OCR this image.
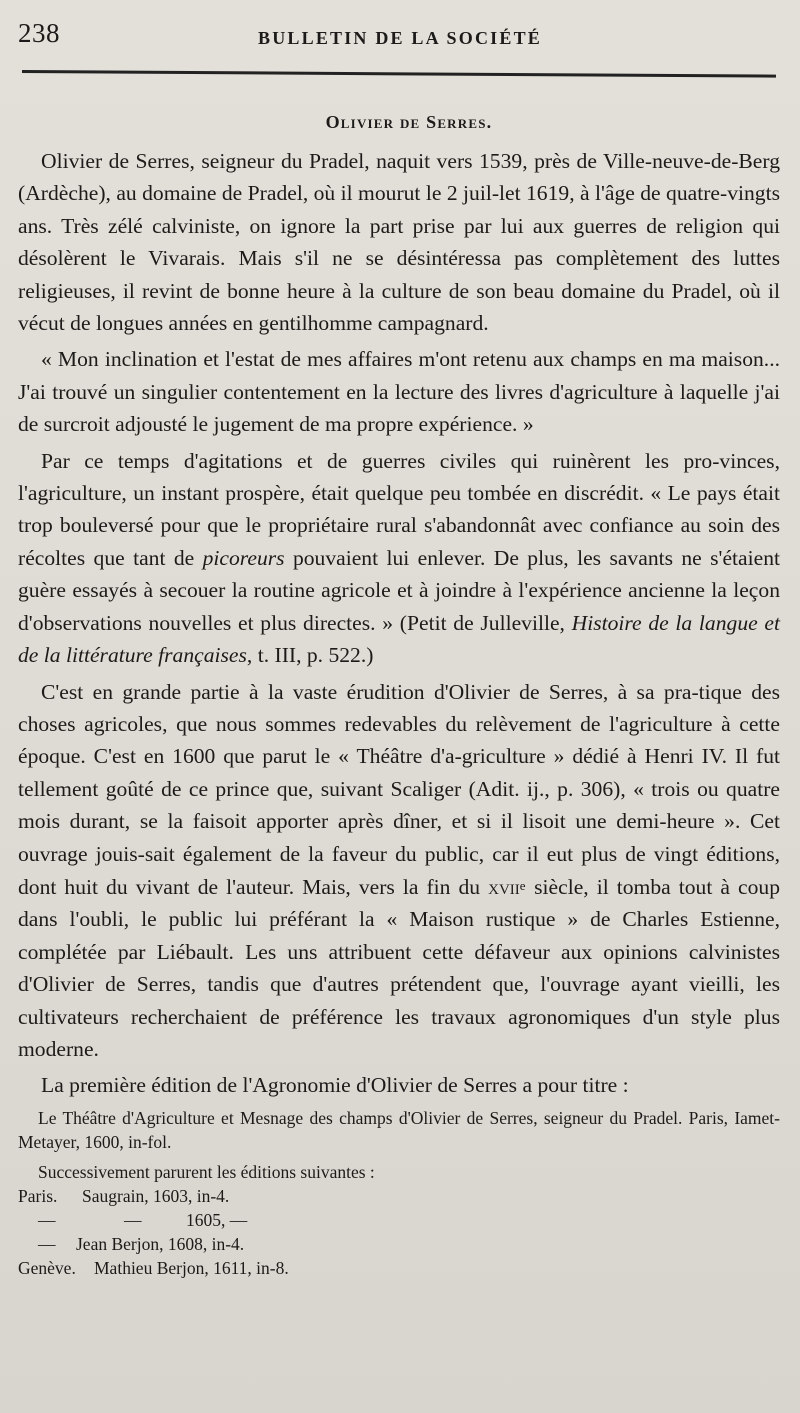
238	BULLETIN DE LA SOCIÉTÉ
Olivier de Serres.

Olivier de Serres, seigneur du Pradel, naquit vers 1539, près de Ville-neuve-de-Berg (Ardèche), au domaine de Pradel, où il mourut le 2 juil-let 1619, à l'âge de quatre-vingts ans. Très zélé calviniste, on ignore la part prise par lui aux guerres de religion qui désolèrent le Vivarais. Mais s'il ne se désintéressa pas complètement des luttes religieuses, il revint de bonne heure à la culture de son beau domaine du Pradel, où il vécut de longues années en gentilhomme campagnard.

« Mon inclination et l'estat de mes affaires m'ont retenu aux champs en ma maison... J'ai trouvé un singulier contentement en la lecture des livres d'agriculture à laquelle j'ai de surcroit adjousté le jugement de ma propre expérience. »

Par ce temps d'agitations et de guerres civiles qui ruinèrent les pro-vinces, l'agriculture, un instant prospère, était quelque peu tombée en discrédit. « Le pays était trop bouleversé pour que le propriétaire rural s'abandonnât avec confiance au soin des récoltes que tant de picoreurs pouvaient lui enlever. De plus, les savants ne s'étaient guère essayés à secouer la routine agricole et à joindre à l'expérience ancienne la leçon d'observations nouvelles et plus directes. » (Petit de Julleville, Histoire de la langue et de la littérature françaises, t. III, p. 522.)

C'est en grande partie à la vaste érudition d'Olivier de Serres, à sa pra-tique des choses agricoles, que nous sommes redevables du relèvement de l'agriculture à cette époque. C'est en 1600 que parut le « Théâtre d'a-griculture » dédié à Henri IV. Il fut tellement goûté de ce prince que, suivant Scaliger (Adit. ij., p. 306), « trois ou quatre mois durant, se la faisoit apporter après dîner, et si il lisoit une demi-heure ». Cet ouvrage jouis-sait également de la faveur du public, car il eut plus de vingt éditions, dont huit du vivant de l'auteur. Mais, vers la fin du xvii$^e$ siècle, il tomba tout à coup dans l'oubli, le public lui préférant la « Maison rustique » de Charles Estienne, complétée par Liébault. Les uns attribuent cette défaveur aux opinions calvinistes d'Olivier de Serres, tandis que d'autres prétendent que, l'ouvrage ayant vieilli, les cultivateurs recherchaient de préférence les travaux agronomiques d'un style plus moderne.

La première édition de l'Agronomie d'Olivier de Serres a pour titre :

Le Théâtre d'Agriculture et Mesnage des champs d'Olivier de Serres, seigneur du Pradel. Paris, Iamet-Metayer, 1600, in-fol.

Successivement parurent les éditions suivantes :
Paris. Saugrain, 1603, in-4.
—	—	1605, —
— Jean Berjon, 1608, in-4.
Genève. Mathieu Berjon, 1611, in-8.
